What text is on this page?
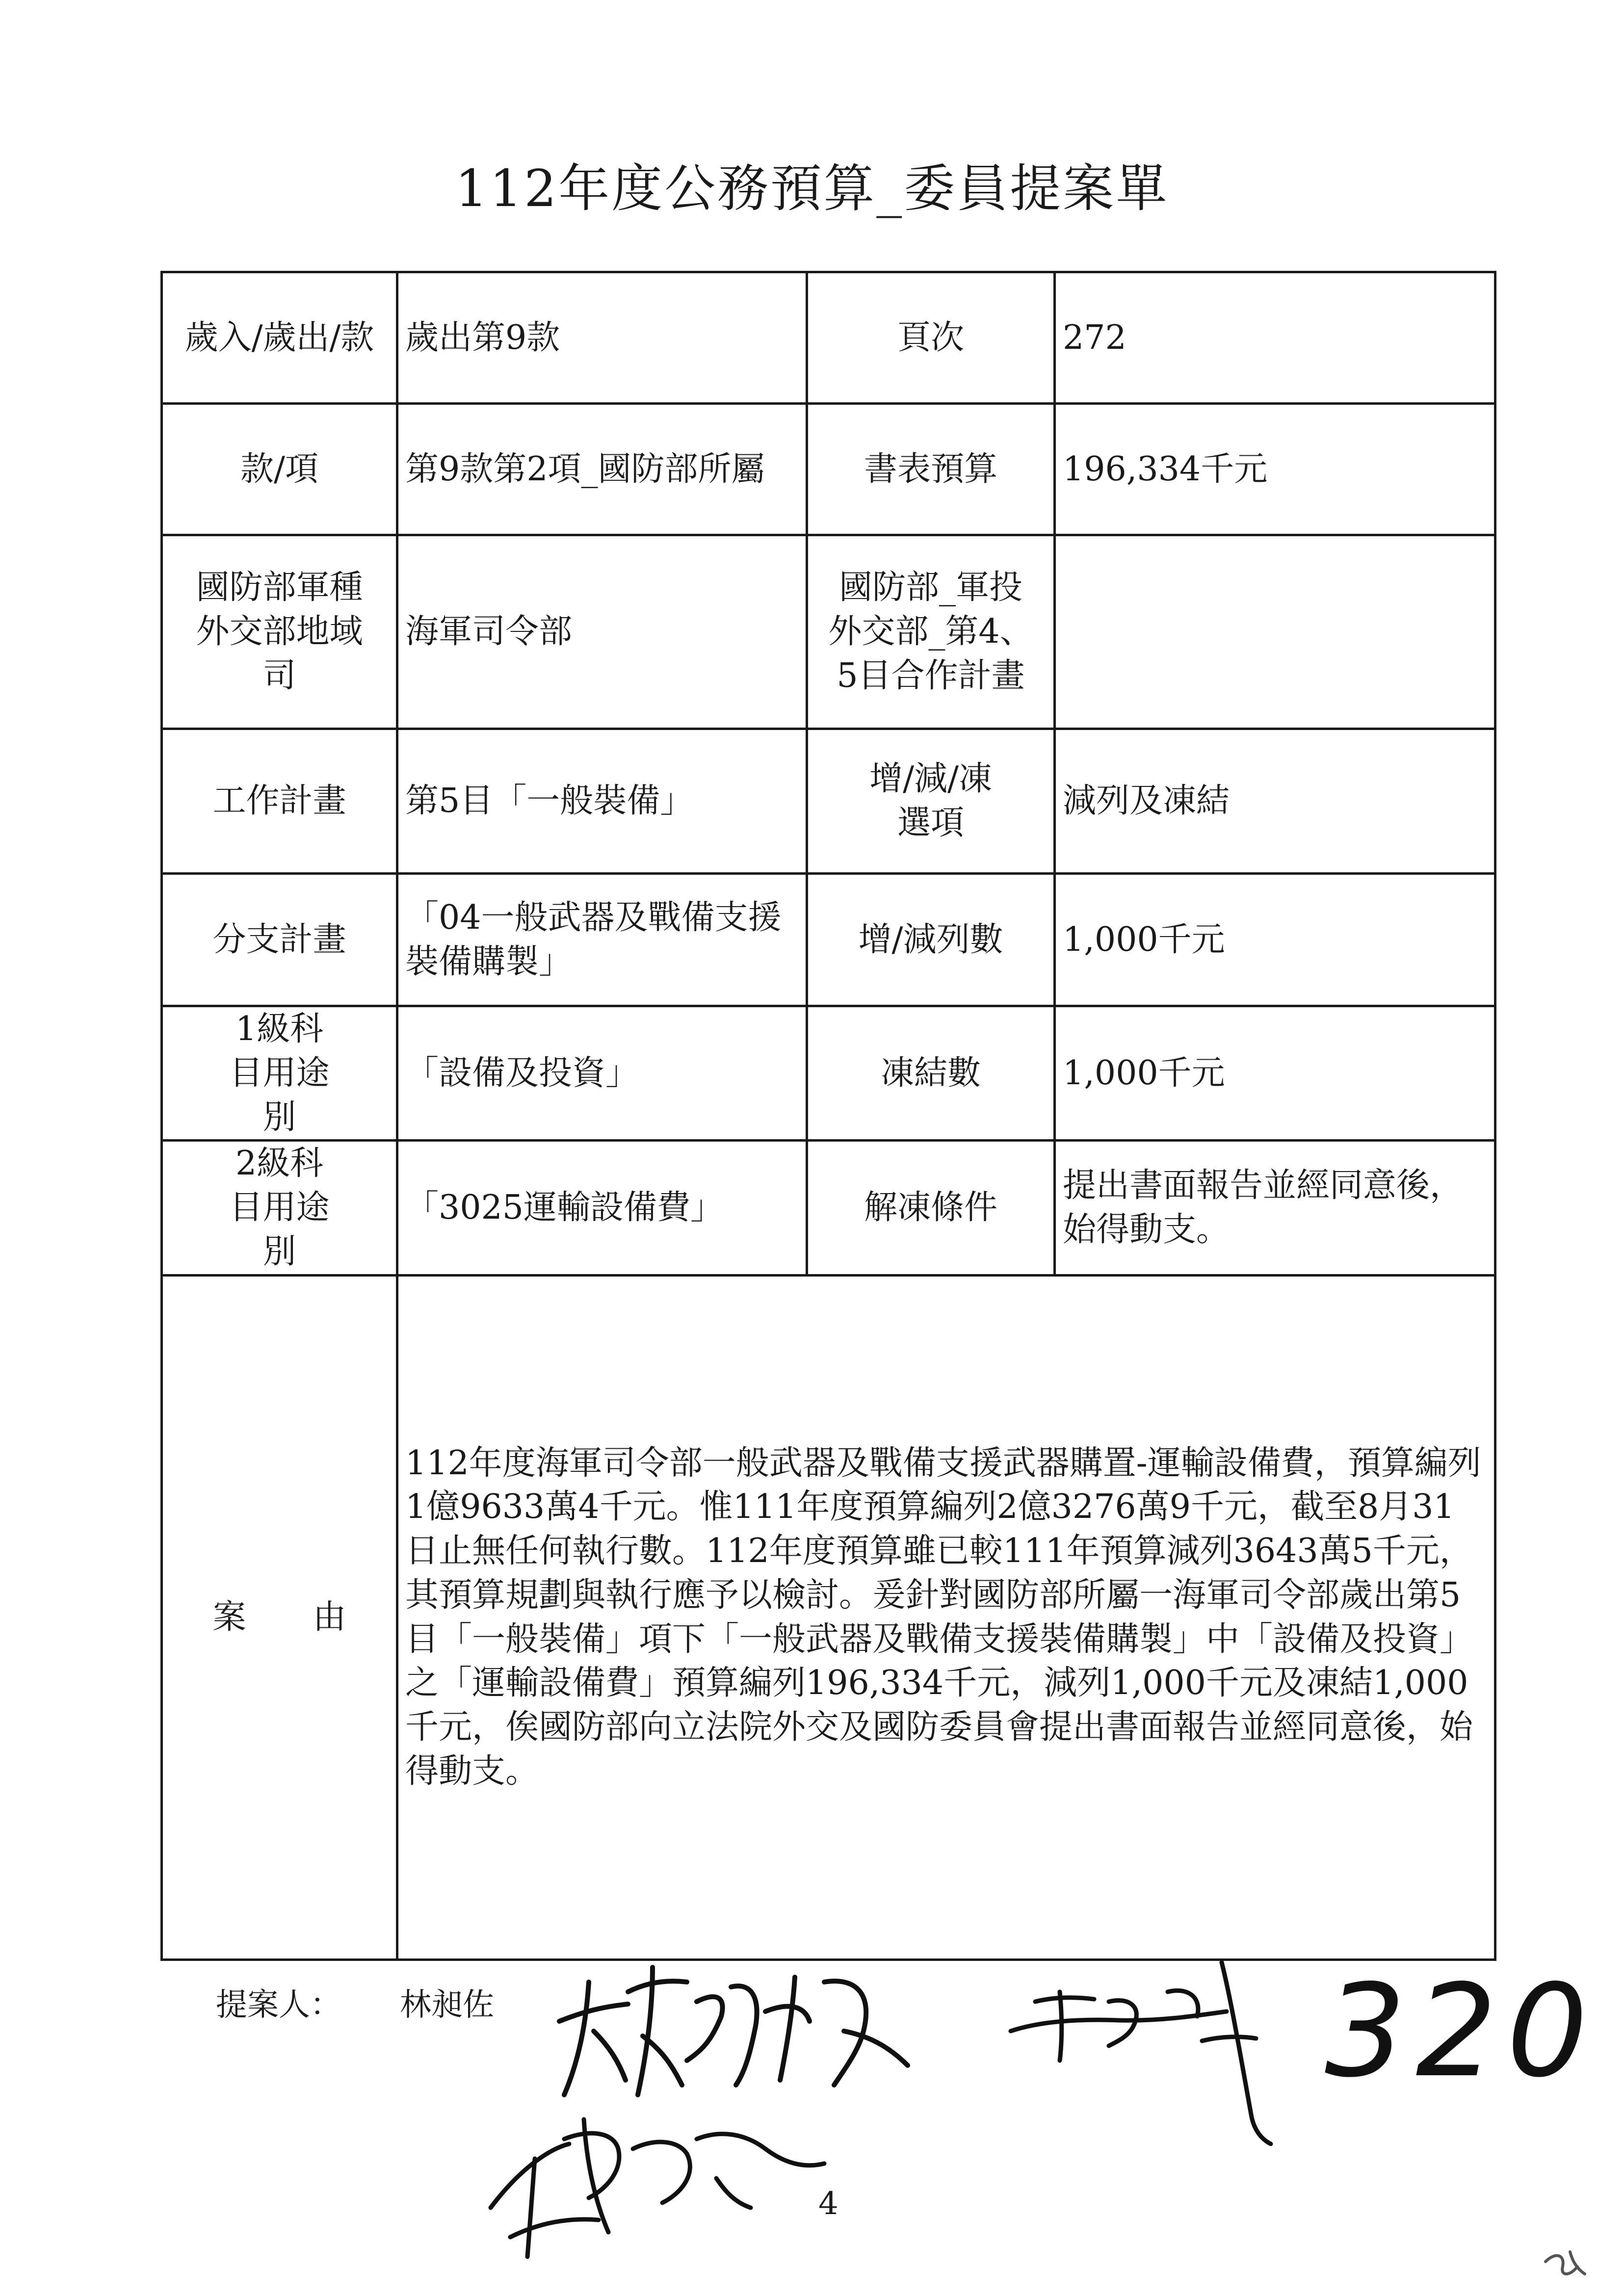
112年度公務預算_委員提案單
歲入/歲出/款	歲出第9款	頁次	272
款/項	第9款第2項_國防部所屬	書表預算	196,334千元
國防部軍種外交部地域司	海軍司令部	國防部_軍投外交部_第4、5目合作計畫	
工作計畫	第5目「一般裝備」	增/減/凍選項	減列及凍結
分支計畫	「04一般武器及戰備支援裝備購製」	增/減列數	1,000千元
1級科目用途別	「設備及投資」	凍結數	1,000千元
2級科目用途別	「3025運輸設備費」	解凍條件	提出書面報告並經同意後，始得動支。
案　　由	112年度海軍司令部一般武器及戰備支援武器購置-運輸設備費，預算編列1億9633萬4千元。惟111年度預算編列2億3276萬9千元，截至8月31日止無任何執行數。112年度預算雖已較111年預算減列3643萬5千元，其預算規劃與執行應予以檢討。爰針對國防部所屬一海軍司令部歲出第5目「一般裝備」項下「一般武器及戰備支援裝備購製」中「設備及投資」之「運輸設備費」預算編列196,334千元，減列1,000千元及凍結1,000千元，俟國防部向立法院外交及國防委員會提出書面報告並經同意後，始得動支。		

提案人： 林昶佐	320
4
